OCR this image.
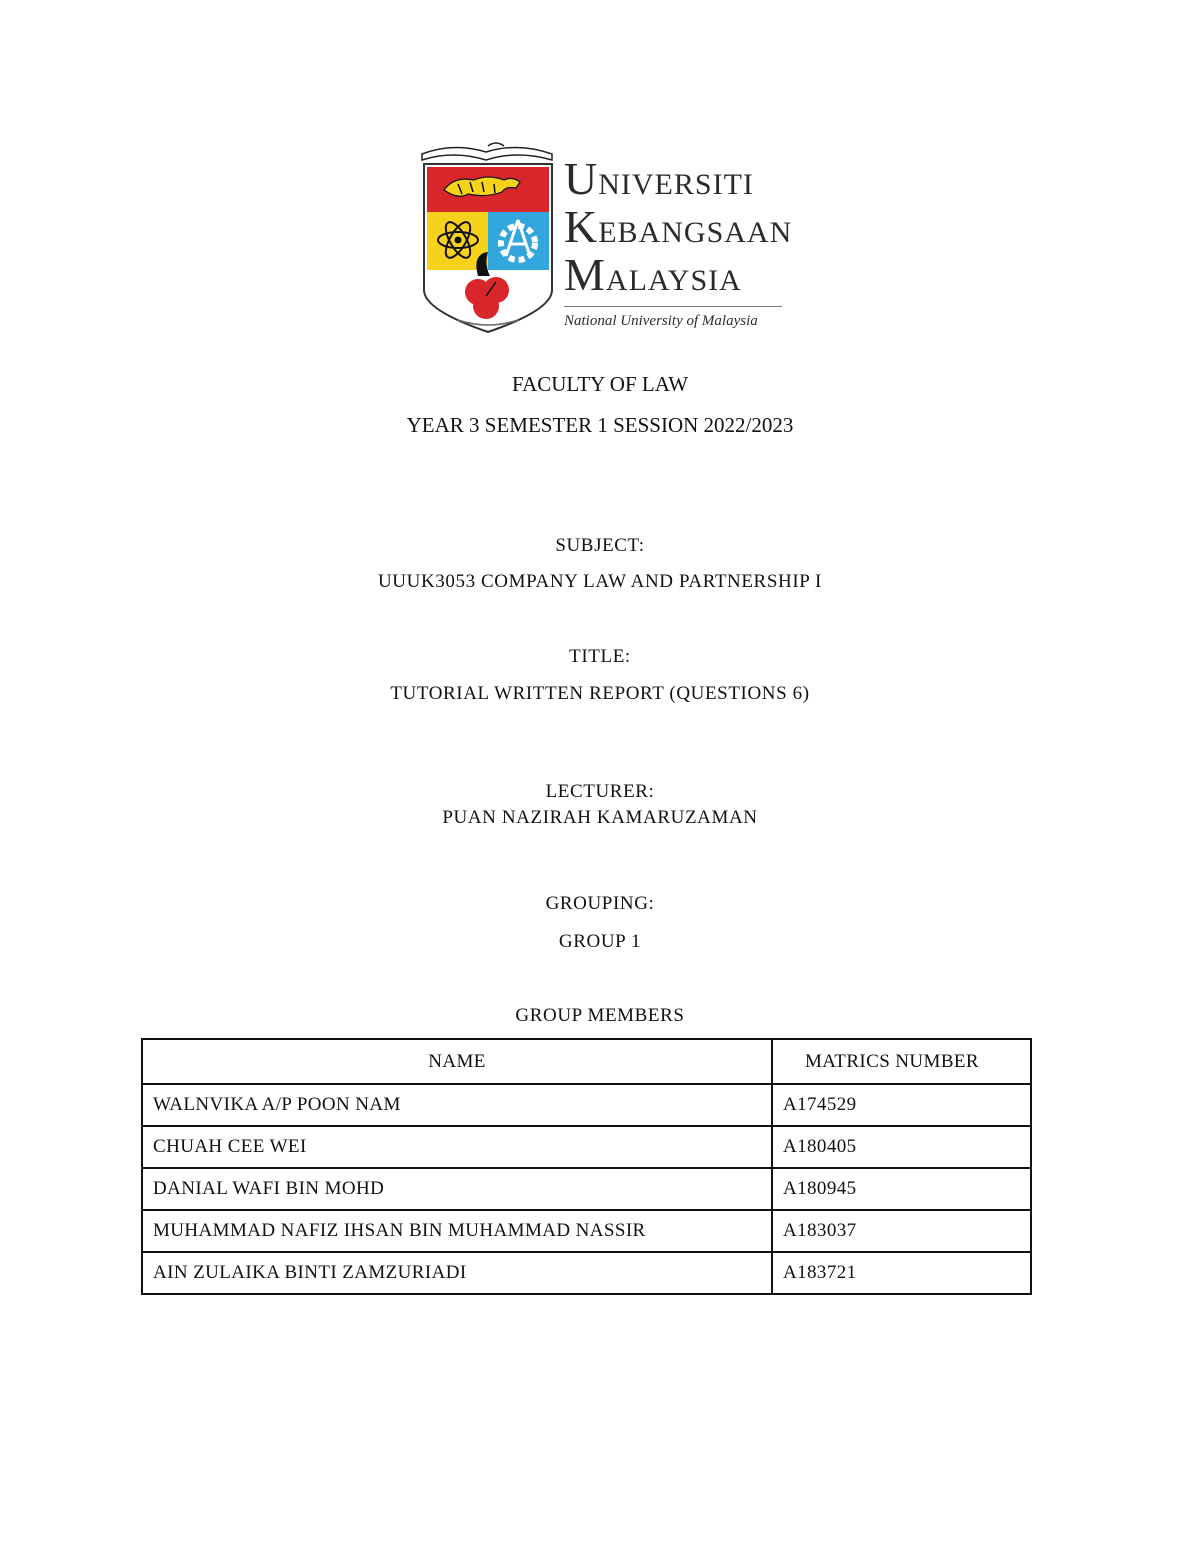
UNIVERSITI
KEBANGSAAN
MALAYSIA
National University of Malaysia
FACULTY OF LAW
YEAR 3 SEMESTER 1 SESSION 2022/2023
SUBJECT:
UUUK3053 COMPANY LAW AND PARTNERSHIP I
TITLE:
TUTORIAL WRITTEN REPORT (QUESTIONS 6)
LECTURER:
PUAN NAZIRAH KAMARUZAMAN
GROUPING:
GROUP 1
GROUP MEMBERS
NAME	MATRICS NUMBER
WALNVIKA A/P POON NAM	A174529
CHUAH CEE WEI	A180405
DANIAL WAFI BIN MOHD	A180945
MUHAMMAD NAFIZ IHSAN BIN MUHAMMAD NASSIR	A183037
AIN ZULAIKA BINTI ZAMZURIADI	A183721
